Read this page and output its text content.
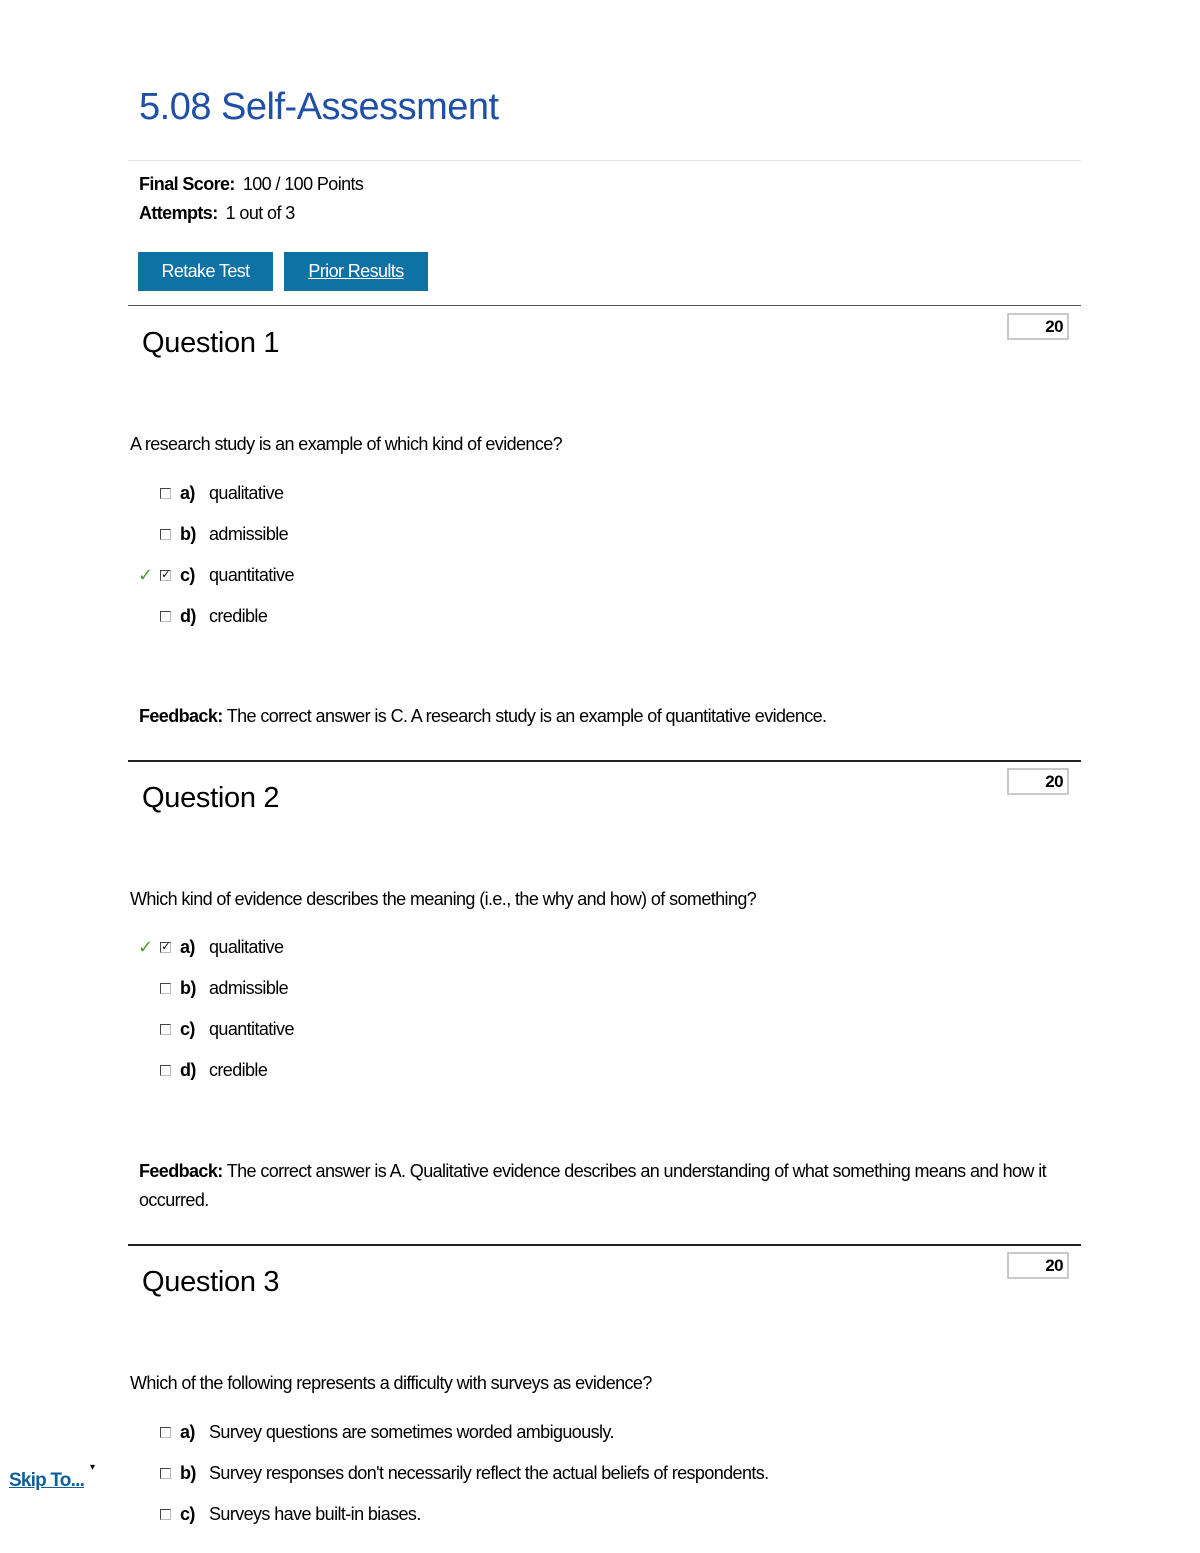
5.08 Self-Assessment
Final Score: 100 / 100 Points
Attempts: 1 out of 3
Retake Test	Prior Results
Question 1
20
A research study is an example of which kind of evidence?
a) qualitative
b) admissible
✓ ✓ c) quantitative
d) credible
Feedback: The correct answer is C. A research study is an example of quantitative evidence.
Question 2
20
Which kind of evidence describes the meaning (i.e., the why and how) of something?
✓ ✓ a) qualitative
b) admissible
c) quantitative
d) credible
Feedback: The correct answer is A. Qualitative evidence describes an understanding of what something means and how it occurred.
Question 3
20
Which of the following represents a difficulty with surveys as evidence?
a) Survey questions are sometimes worded ambiguously.
b) Survey responses don't necessarily reflect the actual beliefs of respondents.
c) Surveys have built-in biases.
Skip To...
▾
